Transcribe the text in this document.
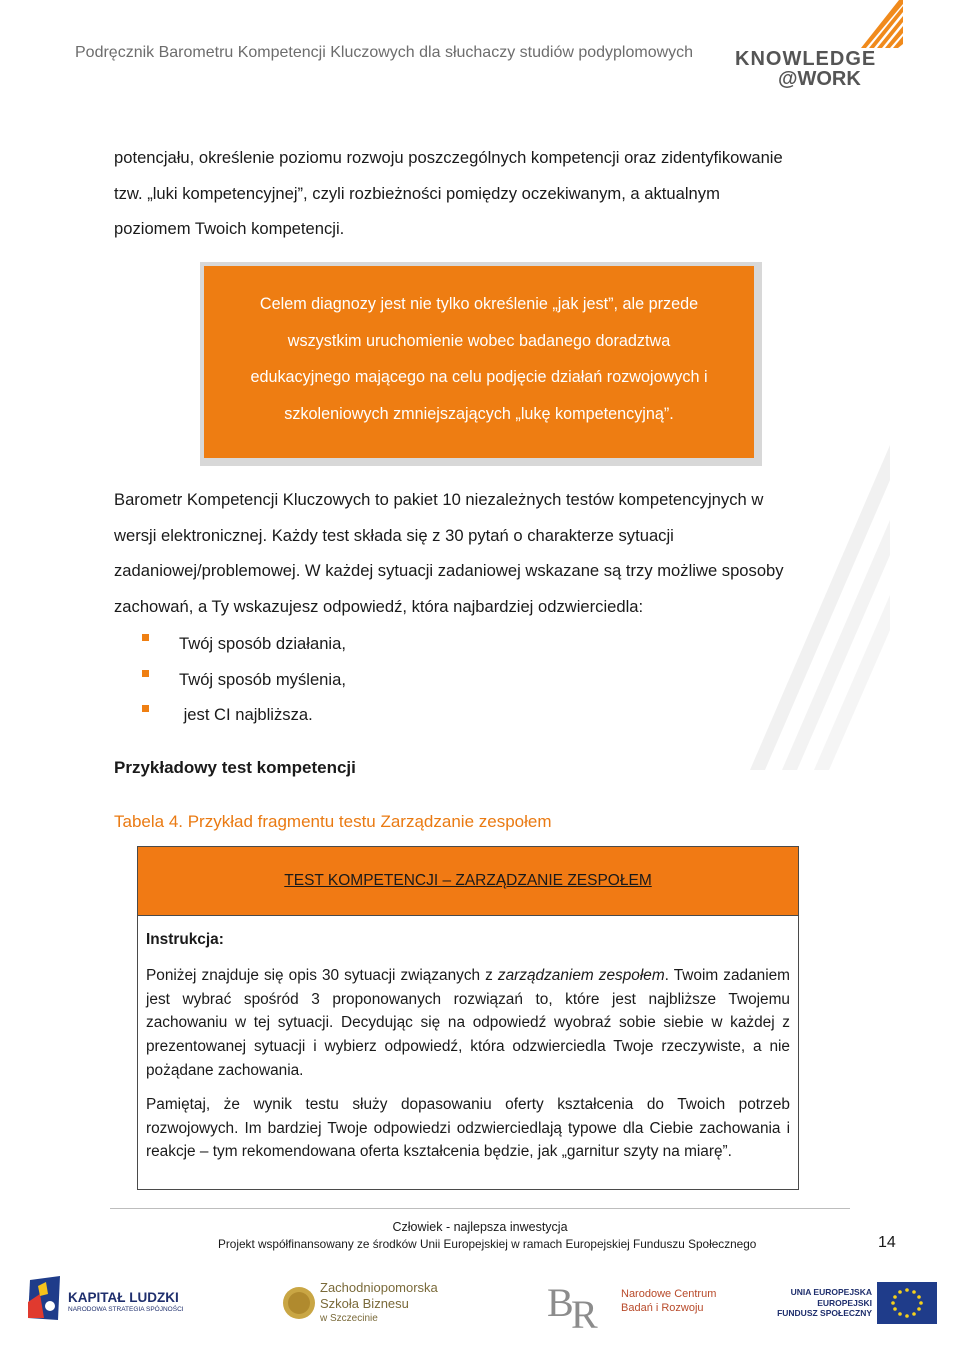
Podręcznik Barometru Kompetencji Kluczowych dla słuchaczy studiów podyplomowych KNOWLEDGE
@WORK
potencjału, określenie poziomu rozwoju poszczególnych kompetencji oraz zidentyfikowanie
tzw. „luki kompetencyjnej”, czyli rozbieżności pomiędzy oczekiwanym, a aktualnym
poziomem Twoich kompetencji.
Celem diagnozy jest nie tylko określenie „jak jest”, ale przede
wszystkim uruchomienie wobec badanego doradztwa
edukacyjnego mającego na celu podjęcie działań rozwojowych i
szkoleniowych zmniejszających „lukę kompetencyjną”.
Barometr Kompetencji Kluczowych to pakiet 10 niezależnych testów kompetencyjnych w
wersji elektronicznej. Każdy test składa się z 30 pytań o charakterze sytuacji
zadaniowej/problemowej. W każdej sytuacji zadaniowej wskazane są trzy możliwe sposoby
zachowań, a Ty wskazujesz odpowiedź, która najbardziej odzwierciedla:
Twój sposób działania,
Twój sposób myślenia,
jest CI najbliższa.
Przykładowy test kompetencji
Tabela 4. Przykład fragmentu testu Zarządzanie zespołem
TEST KOMPETENCJI – ZARZĄDZANIE ZESPOŁEM
Instrukcja:

Poniżej znajduje się opis 30 sytuacji związanych z zarządzaniem zespołem. Twoim zadaniem jest wybrać spośród 3 proponowanych rozwiązań to, które jest najbliższe Twojemu zachowaniu w tej sytuacji. Decydując się na odpowiedź wyobraź sobie siebie w każdej z prezentowanej sytuacji i wybierz odpowiedź, która odzwierciedla Twoje rzeczywiste, a nie pożądane zachowania.

Pamiętaj, że wynik testu służy dopasowaniu oferty kształcenia do Twoich potrzeb rozwojowych. Im bardziej Twoje odpowiedzi odzwierciedlają typowe dla Ciebie zachowania i reakcje – tym rekomendowana oferta kształcenia będzie, jak „garnitur szyty na miarę”.

Człowiek - najlepsza inwestycja
Projekt współfinansowany ze środków Unii Europejskiej w ramach Europejskiej Funduszu Społecznego	14
KAPITAŁ LUDZKI
NARODOWA STRATEGIA SPÓJNOŚCI
Zachodniopomorska
Szkoła Biznesu
w Szczecinie	B
R Narodowe Centrum
Badań i Rozwoju
UNIA EUROPEJSKA
EUROPEJSKI
FUNDUSZ SPOŁECZNY
